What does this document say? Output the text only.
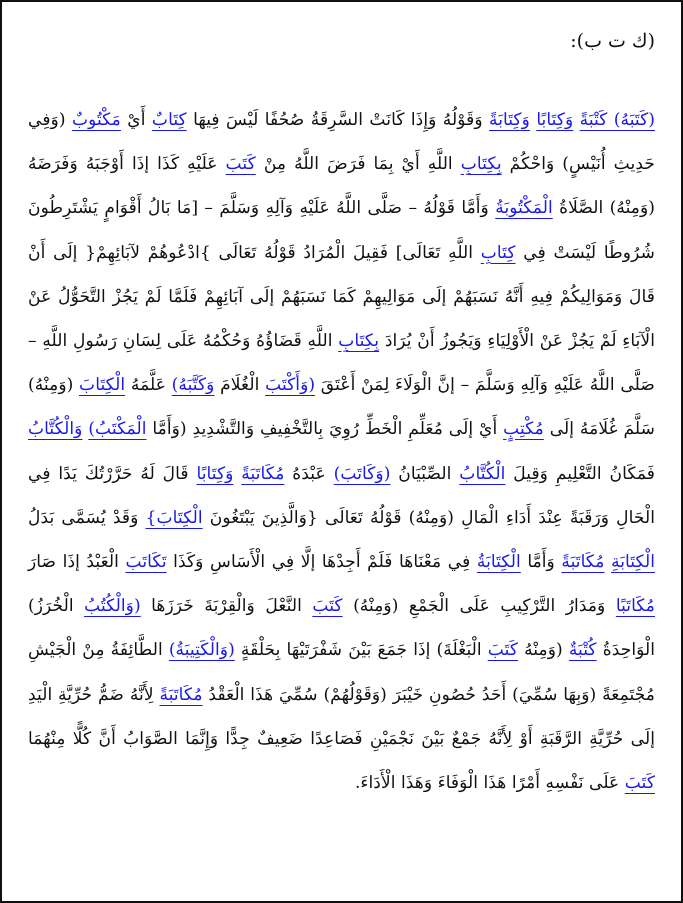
(ك ت ب):
(كَتَبَهُ) كَتْبَةً وَكِتَابًا وَكِتَابَةً وَقَوْلُهُ وَإِذَا كَانَتْ السَّرِقَةُ صُحُفًا لَيْسَ فِيهَا كِتَابٌ أَيْ مَكْتُوبٌ (وَفِي حَدِيثِ أُنَيْسٍ) وَاحْكُمْ بِكِتَابِ اللَّهِ أَيْ بِمَا فَرَضَ اللَّهُ مِنْ كَتَبَ عَلَيْهِ كَذَا إذَا أَوْجَبَهُ وَفَرَضَهُ (وَمِنْهُ) الصَّلَاةُ الْمَكْتُوبَةُ وَأَمَّا قَوْلُهُ – صَلَّى اللَّهُ عَلَيْهِ وَآلِهِ وَسَلَّمَ – [مَا بَالُ أَقْوَامٍ يَشْتَرِطُونَ شُرُوطًا لَيْسَتْ فِي كِتَابِ اللَّهِ تَعَالَى] فَقِيلَ الْمُرَادُ قَوْلُهُ تَعَالَى }ادْعُوهُمْ لآبَائِهِمْ{ إلَى أَنْ قَالَ وَمَوَالِيكُمْ فِيهِ أَنَّهُ نَسَبَهُمْ إلَى مَوَالِيهِمْ كَمَا نَسَبَهُمْ إلَى آبَائِهِمْ فَلَمَّا لَمْ يَجُزْ التَّحَوُّلُ عَنْ الْآبَاءِ لَمْ يَجُزْ عَنْ الْأَوْلِيَاءِ وَيَجُوزُ أَنْ يُرَادَ بِكِتَابِ اللَّهِ قَضَاؤُهُ وَحُكْمُهُ عَلَى لِسَانِ رَسُولِ اللَّهِ – صَلَّى اللَّهُ عَلَيْهِ وَآلِهِ وَسَلَّمَ – إنَّ الْوَلَاءَ لِمَنْ أَعْتَقَ (وَأَكْتَبَ الْغُلَامَ وَكَتَّبَهُ) عَلَّمَهُ الْكِتَابَ (وَمِنْهُ) سَلَّمَ غُلَامَهُ إلَى مُكْتِبٍ أَيْ إلَى مُعَلِّمِ الْخَطِّ رُوِيَ بِالتَّخْفِيفِ وَالتَّشْدِيدِ (وَأَمَّا الْمَكْتَبُ) وَالْكُتَّابُ فَمَكَانُ التَّعْلِيمِ وَقِيلَ الْكُتَّابُ الصِّبْيَانُ (وَكَاتَبَ) عَبْدَهُ مُكَاتَبَةً وَكِتَابًا قَالَ لَهُ حَرَّرْتُكَ يَدًا فِي الْحَالِ وَرَقَبَةً عِنْدَ أَدَاءِ الْمَالِ (وَمِنْهُ) قَوْلُهُ تَعَالَى {وَالَّذِينَ يَبْتَغُونَ الْكِتَابَ} وَقَدْ يُسَمَّى بَدَلُ الْكِتَابَةِ مُكَاتَبَةً وَأَمَّا الْكِتَابَةُ فِي مَعْنَاهَا فَلَمْ أَجِدْهَا إلَّا فِي الْأَسَاسِ وَكَذَا تَكَاتَبَ الْعَبْدُ إذَا صَارَ مُكَاتَبًا وَمَدَارُ التَّرْكِيبِ عَلَى الْجَمْعِ (وَمِنْهُ) كَتَبَ النَّعْلَ وَالْقِرْبَةَ خَرَزَهَا (وَالْكُتُبُ الْخُرَزُ) الْوَاحِدَةُ كُتْبَةٌ (وَمِنْهُ كَتَبَ الْبَغْلَةَ) إذَا جَمَعَ بَيْنَ شَفْرَتَيْهَا بِحَلْقَةٍ (وَالْكَتِيبَةُ) الطَّائِفَةُ مِنْ الْجَيْشِ مُجْتَمِعَةً (وَبِهَا سُمِّيَ) أَحَدُ حُصُونِ خَيْبَرَ (وَقَوْلُهُمْ) سُمِّيَ هَذَا الْعَقْدُ مُكَاتَبَةً لِأَنَّهُ ضَمُّ حُرِّيَّةِ الْيَدِ إلَى حُرِّيَّةِ الرَّقَبَةِ أَوْ لِأَنَّهُ جَمْعٌ بَيْنَ نَجْمَيْنِ فَصَاعِدًا ضَعِيفٌ جِدًّا وَإِنَّمَا الصَّوَابُ أَنَّ كُلًّا مِنْهُمَا كَتَبَ عَلَى نَفْسِهِ أَمْرًا هَذَا الْوَفَاءَ وَهَذَا الْأَدَاءَ.
